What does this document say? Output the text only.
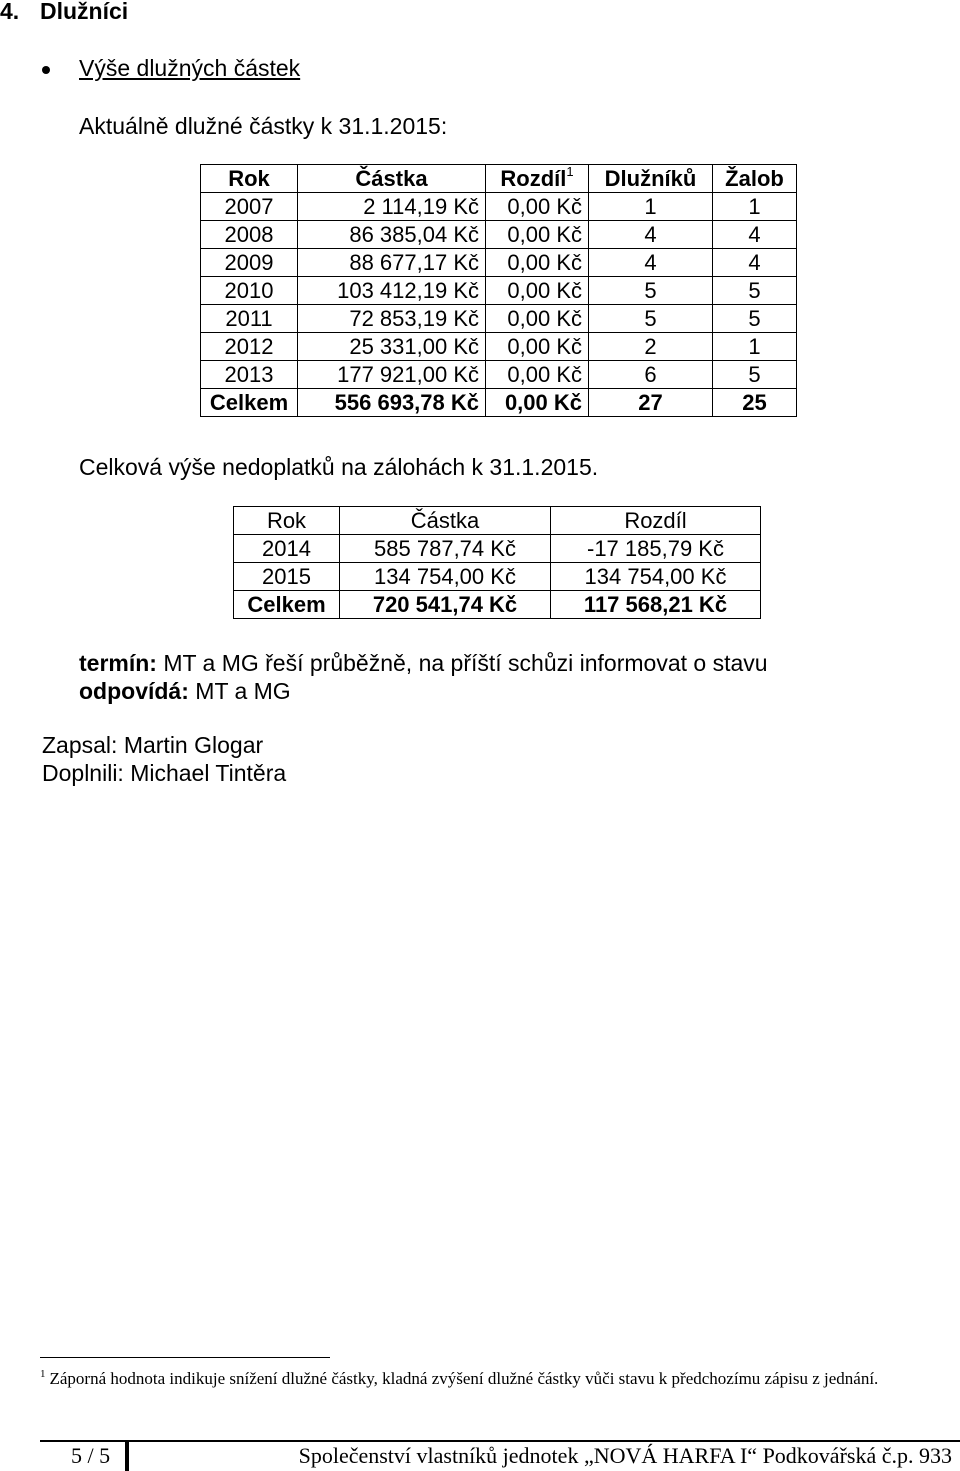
4. Dlužníci
Výše dlužných částek
Aktuálně dlužné částky k 31.1.2015:
Rok	Částka	Rozdíl$^1$	Dlužníků	Žalob
2007	2 114,19 Kč	0,00 Kč	1	1
2008	86 385,04 Kč	0,00 Kč	4	4
2009	88 677,17 Kč	0,00 Kč	4	4
2010	103 412,19 Kč	0,00 Kč	5	5
2011	72 853,19 Kč	0,00 Kč	5	5
2012	25 331,00 Kč	0,00 Kč	2	1
2013	177 921,00 Kč	0,00 Kč	6	5
Celkem	556 693,78 Kč	0,00 Kč	27	25
Celková výše nedoplatků na zálohách k 31.1.2015.
Rok	Částka	Rozdíl
2014	585 787,74 Kč	-17 185,79 Kč
2015	134 754,00 Kč	134 754,00 Kč
Celkem	720 541,74 Kč	117 568,21 Kč
termín: MT a MG řeší průběžně, na příští schůzi informovat o stavu
odpovídá: MT a MG
Zapsal: Martin Glogar
Doplnili: Michael Tintěra
$^1$ Záporná hodnota indikuje snížení dlužné částky, kladná zvýšení dlužné částky vůči stavu k předchozímu zápisu z jednání.
5 / 5	Společenství vlastníků jednotek „NOVÁ HARFA I“ Podkovářská č.p. 933
